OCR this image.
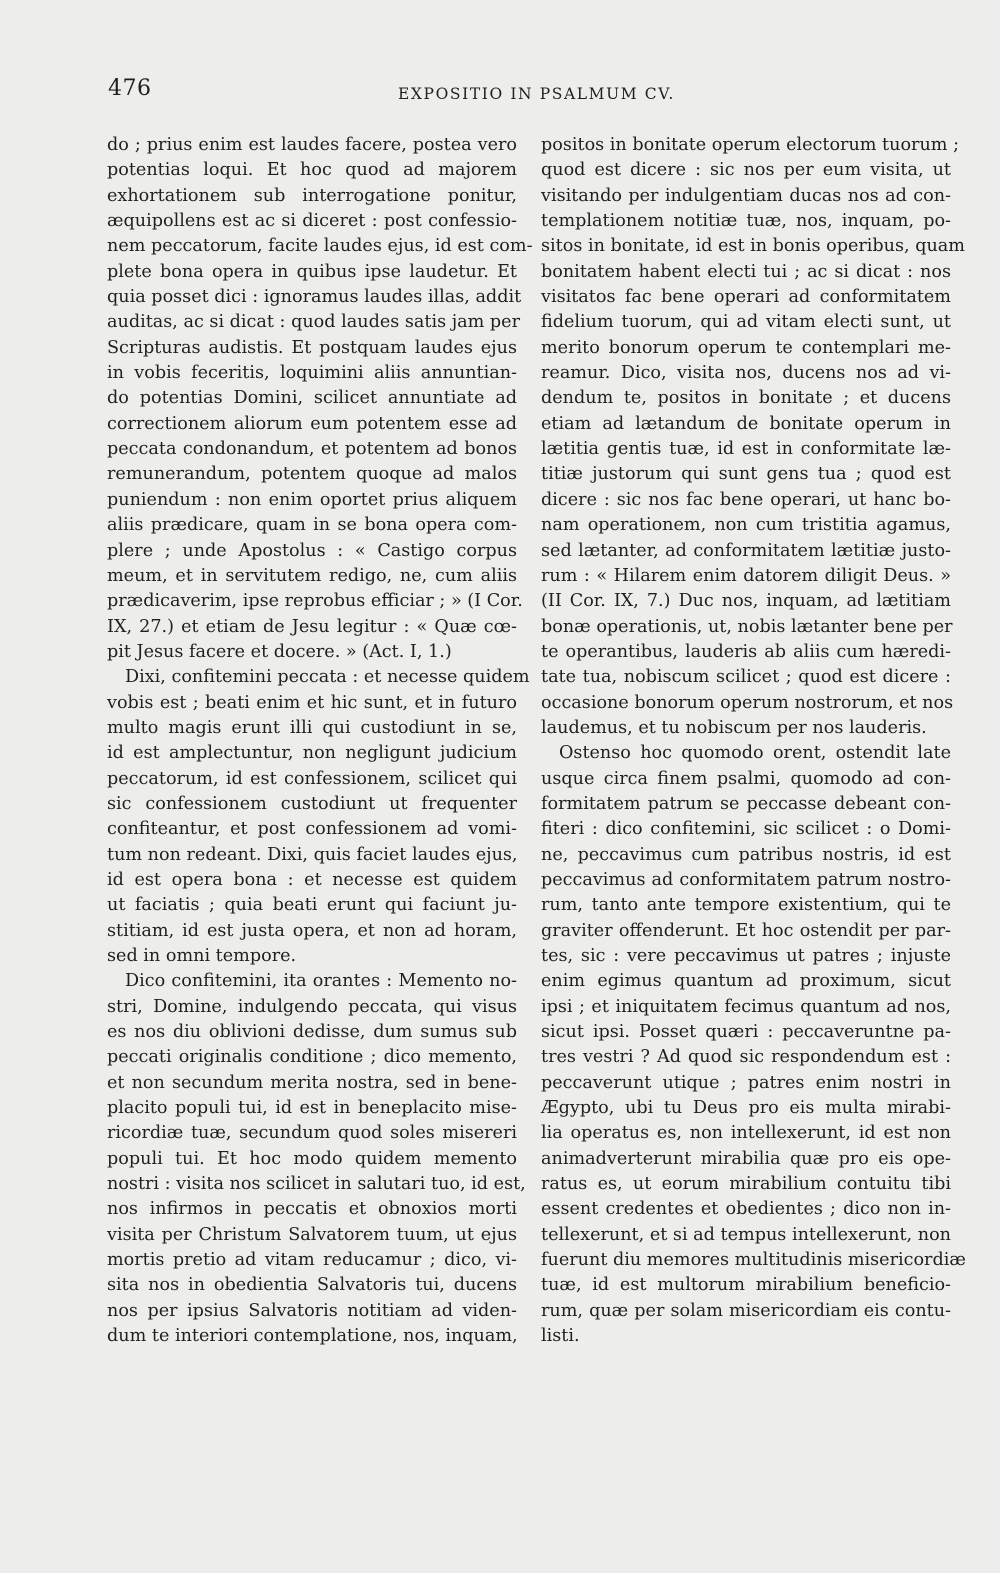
476	EXPOSITIO IN PSALMUM CV.
do ; prius enim est laudes facere, postea vero
potentias loqui. Et hoc quod ad majorem
exhortationem sub interrogatione ponitur,
æquipollens est ac si diceret : post confessio-
nem peccatorum, facite laudes ejus, id est com-
plete bona opera in quibus ipse laudetur. Et
quia posset dici : ignoramus laudes illas, addit
auditas, ac si dicat : quod laudes satis jam per
Scripturas audistis. Et postquam laudes ejus
in vobis feceritis, loquimini aliis annuntian-
do potentias Domini, scilicet annuntiate ad
correctionem aliorum eum potentem esse ad
peccata condonandum, et potentem ad bonos
remunerandum, potentem quoque ad malos
puniendum : non enim oportet prius aliquem
aliis prædicare, quam in se bona opera com-
plere ; unde Apostolus : « Castigo corpus
meum, et in servitutem redigo, ne, cum aliis
prædicaverim, ipse reprobus efficiar ; » (I Cor.
IX, 27.) et etiam de Jesu legitur : « Quæ cœ-
pit Jesus facere et docere. » (Act. I, 1.)
Dixi, confitemini peccata : et necesse quidem
vobis est ; beati enim et hic sunt, et in futuro
multo magis erunt illi qui custodiunt in se,
id est amplectuntur, non negligunt judicium
peccatorum, id est confessionem, scilicet qui
sic confessionem custodiunt ut frequenter
confiteantur, et post confessionem ad vomi-
tum non redeant. Dixi, quis faciet laudes ejus,
id est opera bona : et necesse est quidem
ut faciatis ; quia beati erunt qui faciunt ju-
stitiam, id est justa opera, et non ad horam,
sed in omni tempore.
Dico confitemini, ita orantes : Memento no-
stri, Domine, indulgendo peccata, qui visus
es nos diu oblivioni dedisse, dum sumus sub
peccati originalis conditione ; dico memento,
et non secundum merita nostra, sed in bene-
placito populi tui, id est in beneplacito mise-
ricordiæ tuæ, secundum quod soles misereri
populi tui. Et hoc modo quidem memento
nostri : visita nos scilicet in salutari tuo, id est,
nos infirmos in peccatis et obnoxios morti
visita per Christum Salvatorem tuum, ut ejus
mortis pretio ad vitam reducamur ; dico, vi-
sita nos in obedientia Salvatoris tui, ducens
nos per ipsius Salvatoris notitiam ad viden-
dum te interiori contemplatione, nos, inquam,
positos in bonitate operum electorum tuorum ;
quod est dicere : sic nos per eum visita, ut
visitando per indulgentiam ducas nos ad con-
templationem notitiæ tuæ, nos, inquam, po-
sitos in bonitate, id est in bonis operibus, quam
bonitatem habent electi tui ; ac si dicat : nos
visitatos fac bene operari ad conformitatem
fidelium tuorum, qui ad vitam electi sunt, ut
merito bonorum operum te contemplari me-
reamur. Dico, visita nos, ducens nos ad vi-
dendum te, positos in bonitate ; et ducens
etiam ad lætandum de bonitate operum in
lætitia gentis tuæ, id est in conformitate læ-
titiæ justorum qui sunt gens tua ; quod est
dicere : sic nos fac bene operari, ut hanc bo-
nam operationem, non cum tristitia agamus,
sed lætanter, ad conformitatem lætitiæ justo-
rum : « Hilarem enim datorem diligit Deus. »
(II Cor. IX, 7.) Duc nos, inquam, ad lætitiam
bonæ operationis, ut, nobis lætanter bene per
te operantibus, lauderis ab aliis cum hæredi-
tate tua, nobiscum scilicet ; quod est dicere :
occasione bonorum operum nostrorum, et nos
laudemus, et tu nobiscum per nos lauderis.
Ostenso hoc quomodo orent, ostendit late
usque circa finem psalmi, quomodo ad con-
formitatem patrum se peccasse debeant con-
fiteri : dico confitemini, sic scilicet : o Domi-
ne, peccavimus cum patribus nostris, id est
peccavimus ad conformitatem patrum nostro-
rum, tanto ante tempore existentium, qui te
graviter offenderunt. Et hoc ostendit per par-
tes, sic : vere peccavimus ut patres ; injuste
enim egimus quantum ad proximum, sicut
ipsi ; et iniquitatem fecimus quantum ad nos,
sicut ipsi. Posset quæri : peccaveruntne pa-
tres vestri ? Ad quod sic respondendum est :
peccaverunt utique ; patres enim nostri in
Ægypto, ubi tu Deus pro eis multa mirabi-
lia operatus es, non intellexerunt, id est non
animadverterunt mirabilia quæ pro eis ope-
ratus es, ut eorum mirabilium contuitu tibi
essent credentes et obedientes ; dico non in-
tellexerunt, et si ad tempus intellexerunt, non
fuerunt diu memores multitudinis misericordiæ
tuæ, id est multorum mirabilium beneficio-
rum, quæ per solam misericordiam eis contu-
listi.
